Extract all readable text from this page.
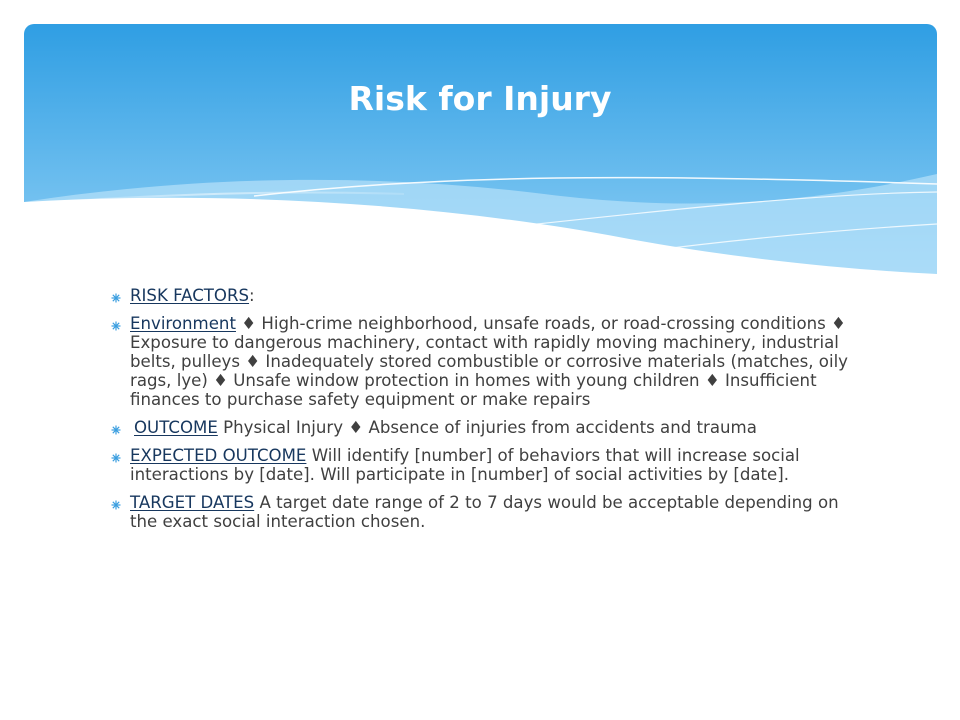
Risk for Injury
RISK FACTORS:
Environment ♦ High-crime neighborhood, unsafe roads, or road-crossing conditions ♦ Exposure to dangerous machinery, contact with rapidly moving machinery, industrial belts, pulleys ♦ Inadequately stored combustible or corrosive materials (matches, oily rags, lye) ♦ Unsafe window protection in homes with young children ♦ Insufficient finances to purchase safety equipment or make repairs
OUTCOME Physical Injury ♦ Absence of injuries from accidents and trauma
EXPECTED OUTCOME Will identify [number] of behaviors that will increase social interactions by [date]. Will participate in [number] of social activities by [date].
TARGET DATES A target date range of 2 to 7 days would be acceptable depending on the exact social interaction chosen.
